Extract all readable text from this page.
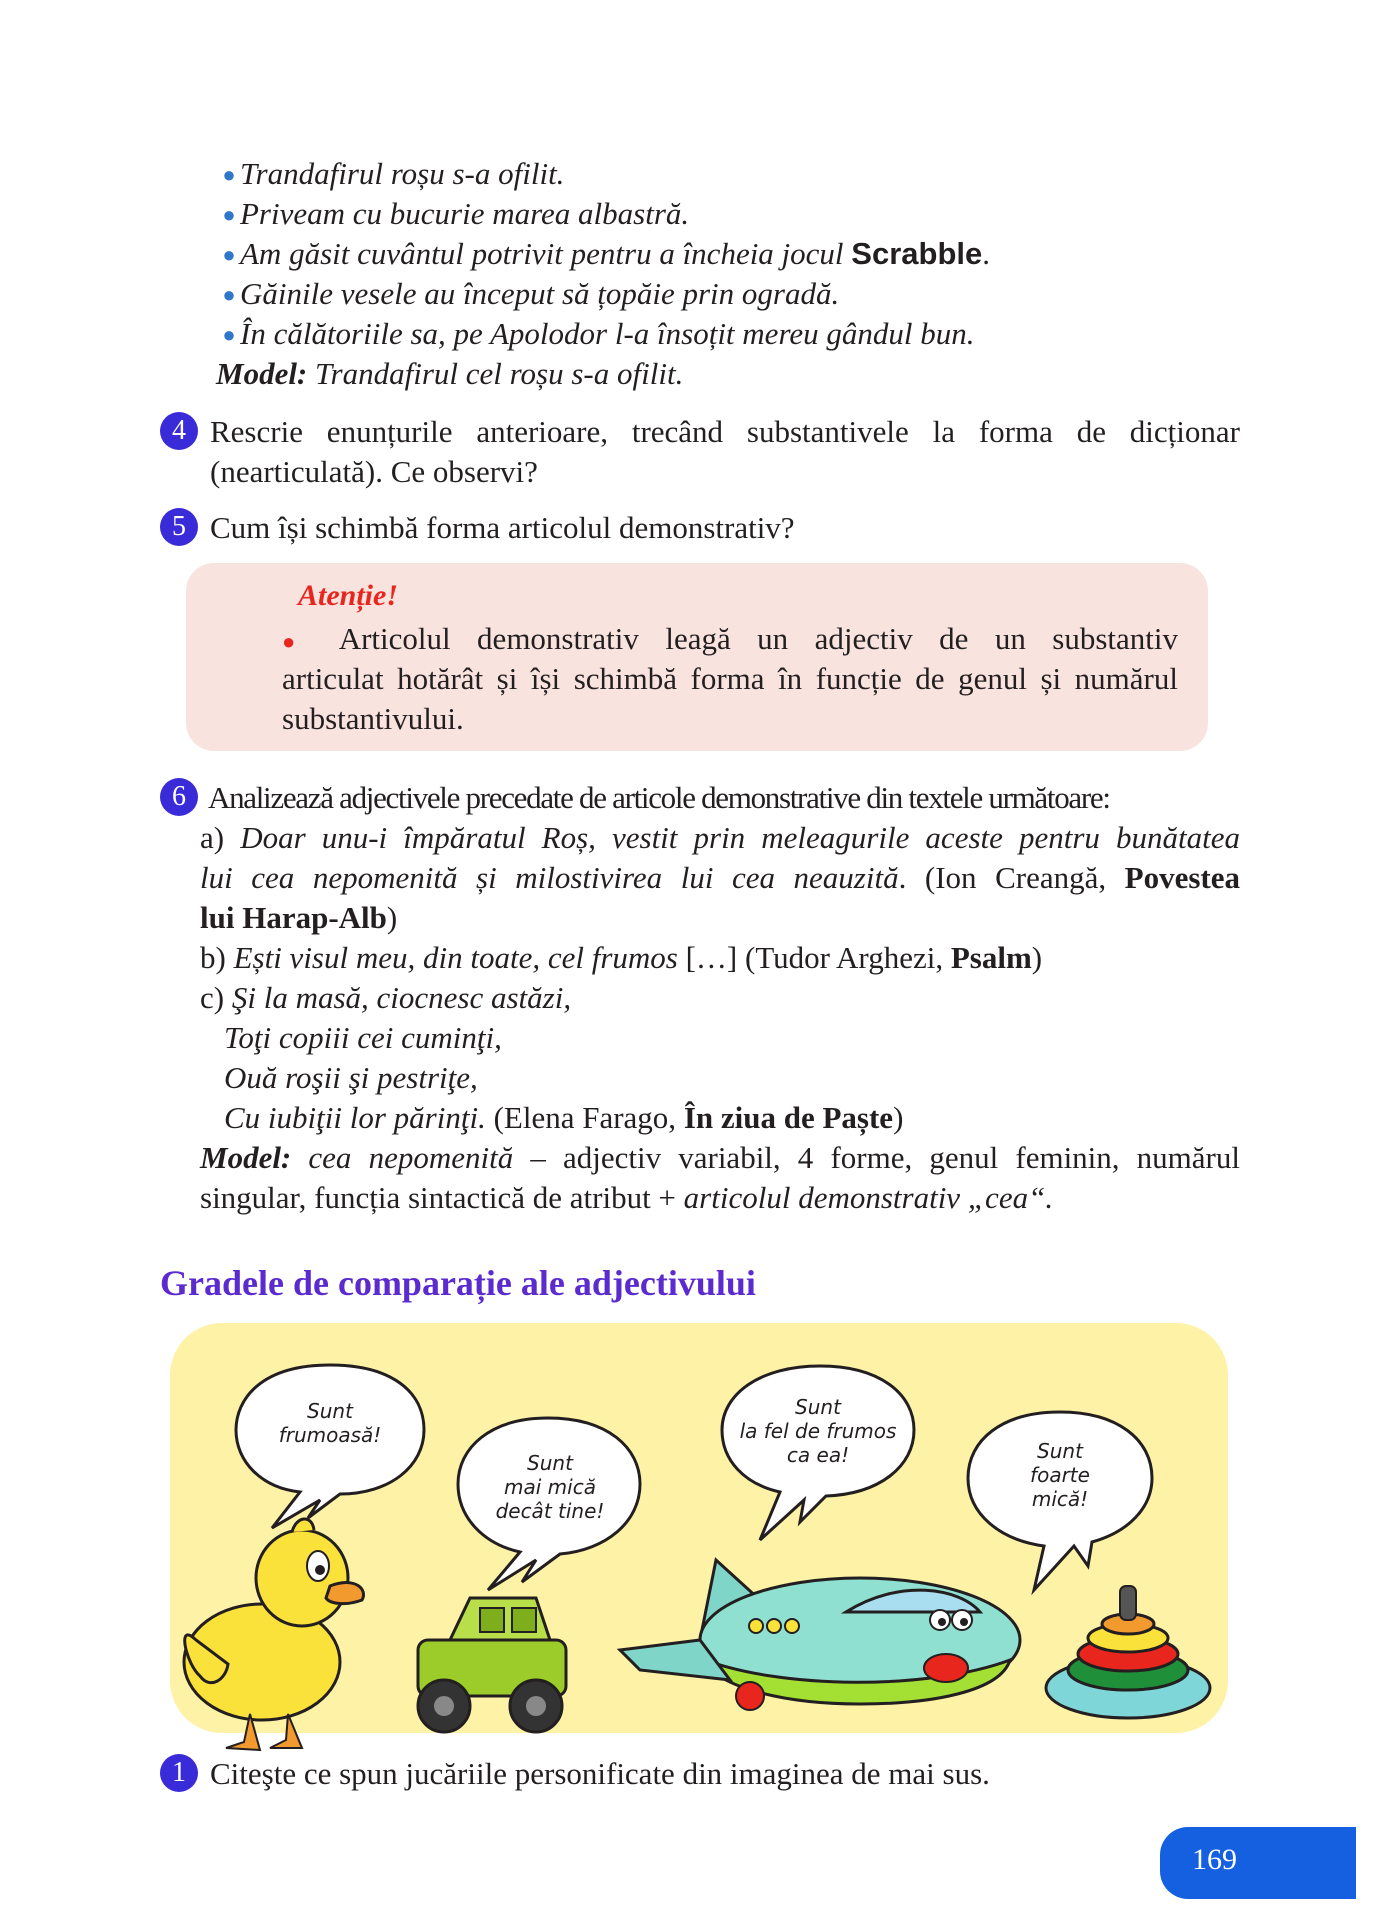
● Trandafirul roșu s-a ofilit.
● Priveam cu bucurie marea albastră.
● Am găsit cuvântul potrivit pentru a încheia jocul Scrabble.
● Găinile vesele au început să țopăie prin ogradă.
● În călătoriile sa, pe Apolodor l-a însoțit mereu gândul bun.
Model: Trandafirul cel roșu s-a ofilit.
4 Rescrie enunțurile anterioare, trecând substantivele la forma de dicționar
(nearticulată). Ce observi?
5 Cum își schimbă forma articolul demonstrativ?
Atenție!
● Articolul demonstrativ leagă un adjectiv de un substantiv
articulat hotărât și își schimbă forma în funcție de genul și numărul
substantivului.
6 Analizează adjectivele precedate de articole demonstrative din textele următoare:
a) Doar unu-i împăratul Roș, vestit prin meleagurile aceste pentru bunătatea
lui cea nepomenită și milostivirea lui cea neauzită. (Ion Creangă, Povestea
lui Harap-Alb)
b) Ești visul meu, din toate, cel frumos […] (Tudor Arghezi, Psalm)
c) Şi la masă, ciocnesc astăzi,
Toţi copiii cei cuminţi,
Ouă roşii şi pestriţe,
Cu iubiţii lor părinţi. (Elena Farago, În ziua de Paște)
Model: cea nepomenită – adjectiv variabil, 4 forme, genul feminin, numărul
singular, funcția sintactică de atribut + articolul demonstrativ „cea“.
Gradele de comparație ale adjectivului
Sunt
frumoasă!
Sunt
mai mică
decât tine!
Sunt
la fel de frumos
ca ea!	Sunt
foarte
mică!
1 Citeşte ce spun jucăriile personificate din imaginea de mai sus.
169
